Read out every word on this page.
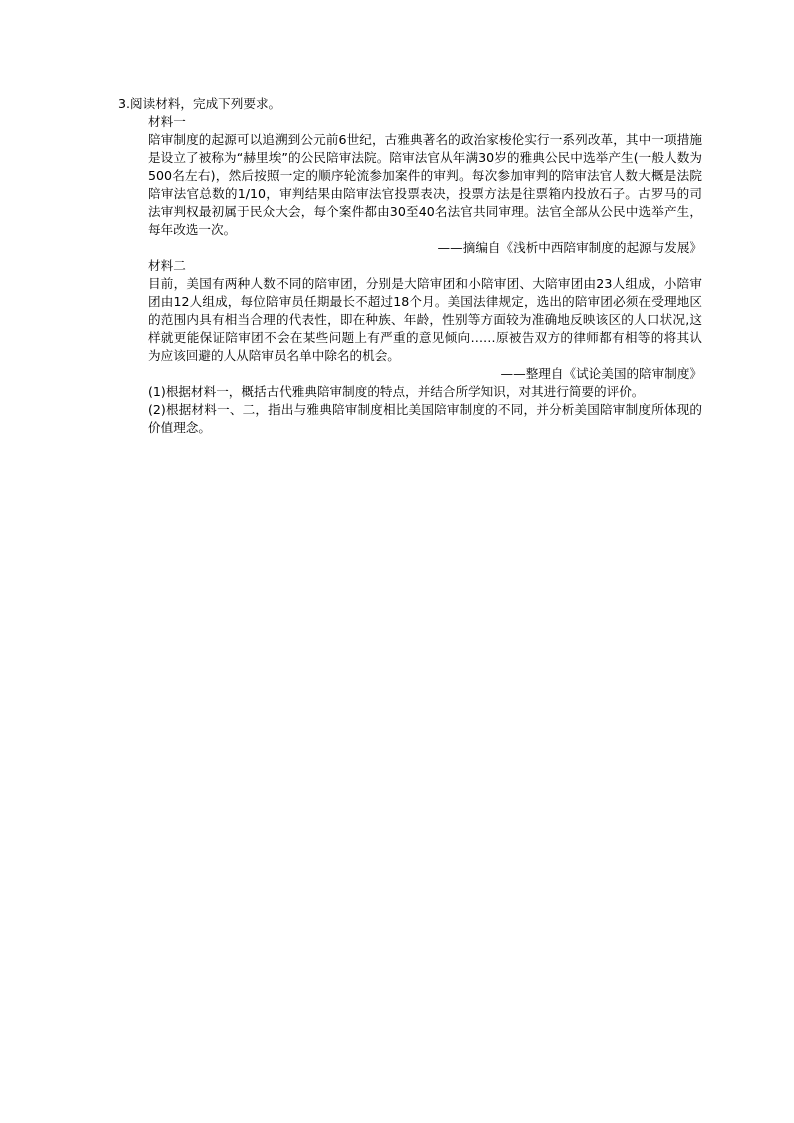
3.阅读材料，完成下列要求。

材料一

陪审制度的起源可以追溯到公元前6世纪，古雅典著名的政治家梭伦实行一系列改革，其中一项措施是设立了被称为“赫里埃”的公民陪审法院。陪审法官从年满30岁的雅典公民中选举产生(一般人数为500名左右)，然后按照一定的顺序轮流参加案件的审判。每次参加审判的陪审法官人数大概是法院陪审法官总数的1/10，审判结果由陪审法官投票表决，投票方法是往票箱内投放石子。古罗马的司法审判权最初属于民众大会，每个案件都由30至40名法官共同审理。法官全部从公民中选举产生，每年改选一次。

——摘编自《浅析中西陪审制度的起源与发展》

材料二

目前，美国有两种人数不同的陪审团，分别是大陪审团和小陪审团、大陪审团由23人组成，小陪审团由12人组成，每位陪审员任期最长不超过18个月。美国法律规定，选出的陪审团必须在受理地区的范围内具有相当合理的代表性，即在种族、年龄，性别等方面较为准确地反映该区的人口状况,这样就更能保证陪审团不会在某些问题上有严重的意见倾向……原被告双方的律师都有相等的将其认为应该回避的人从陪审员名单中除名的机会。

——整理自《试论美国的陪审制度》

(1)根据材料一，概括古代雅典陪审制度的特点，并结合所学知识，对其进行简要的评价。

(2)根据材料一、二，指出与雅典陪审制度相比美国陪审制度的不同，并分析美国陪审制度所体现的价值理念。
